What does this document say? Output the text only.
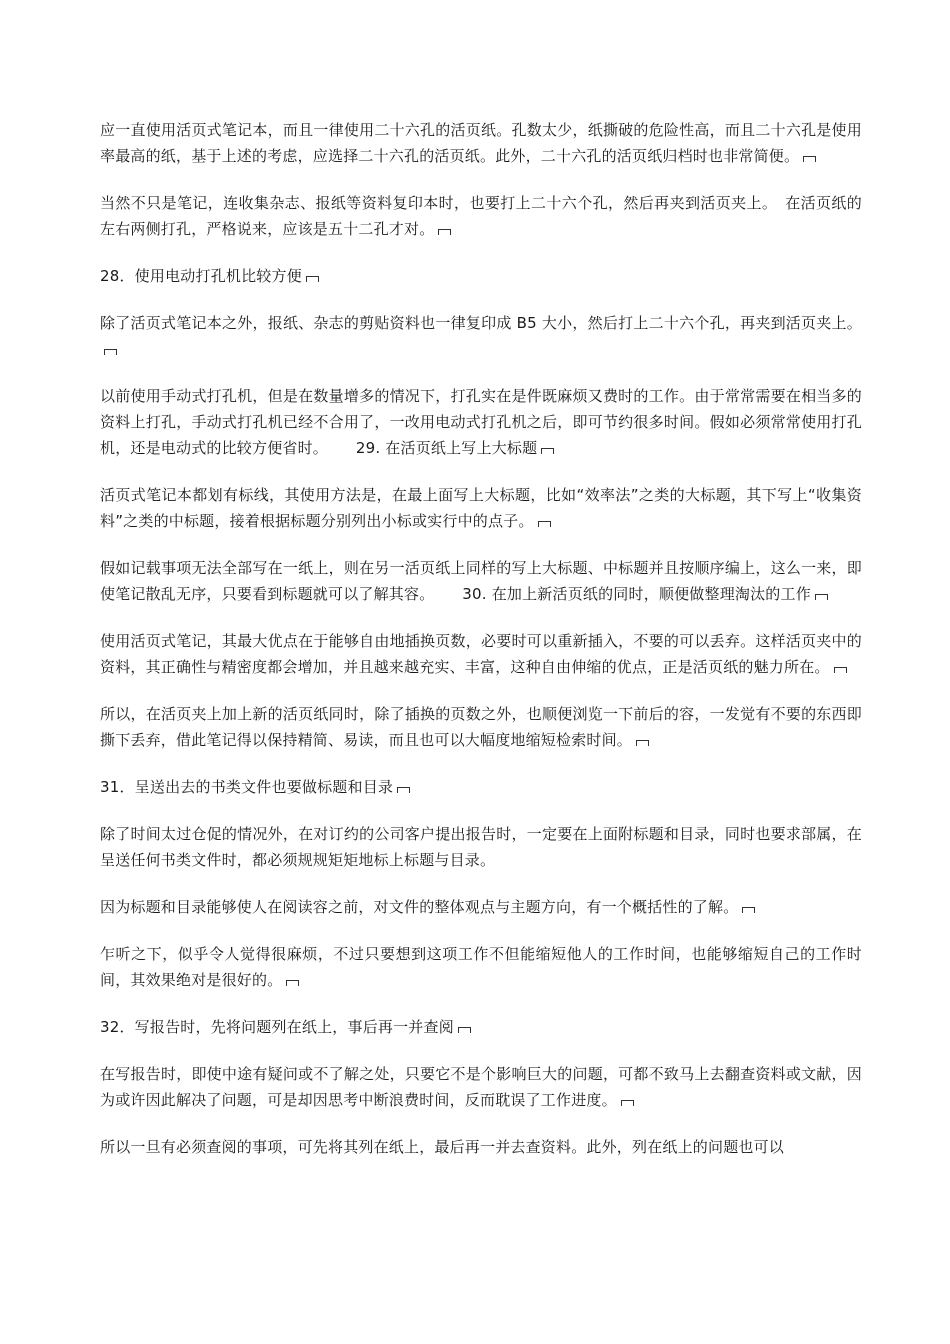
应一直使用活页式笔记本，而且一律使用二十六孔的活页纸。孔数太少，纸撕破的危险性高，而且二十六孔是使用率最高的纸，基于上述的考虑，应选择二十六孔的活页纸。此外，二十六孔的活页纸归档时也非常简便。

当然不只是笔记，连收集杂志、报纸等资料复印本时，也要打上二十六个孔，然后再夹到活页夹上。　在活页纸的左右两侧打孔，严格说来，应该是五十二孔才对。

28．使用电动打孔机比较方便

除了活页式笔记本之外，报纸、杂志的剪贴资料也一律复印成 B5 大小，然后打上二十六个孔，再夹到活页夹上。

以前使用手动式打孔机，但是在数量增多的情况下，打孔实在是件既麻烦又费时的工作。由于常常需要在相当多的资料上打孔，手动式打孔机已经不合用了，一改用电动式打孔机之后，即可节约很多时间。假如必须常常使用打孔机，还是电动式的比较方便省时。　　 29. 在活页纸上写上大标题

活页式笔记本都划有标线，其使用方法是，在最上面写上大标题，比如“效率法”之类的大标题，其下写上“收集资料”之类的中标题，接着根据标题分别列出小标或实行中的点子。

假如记载事项无法全部写在一纸上，则在另一活页纸上同样的写上大标题、中标题并且按顺序编上，这么一来，即使笔记散乱无序，只要看到标题就可以了解其容。　　 30. 在加上新活页纸的同时，顺便做整理淘汰的工作

使用活页式笔记，其最大优点在于能够自由地插换页数，必要时可以重新插入，不要的可以丢弃。这样活页夹中的资料，其正确性与精密度都会增加，并且越来越充实、丰富，这种自由伸缩的优点，正是活页纸的魅力所在。

所以，在活页夹上加上新的活页纸同时，除了插换的页数之外，也顺便浏览一下前后的容，一发觉有不要的东西即撕下丢弃，借此笔记得以保持精简、易读，而且也可以大幅度地缩短检索时间。

31．呈送出去的书类文件也要做标题和目录

除了时间太过仓促的情况外，在对订约的公司客户提出报告时，一定要在上面附标题和目录，同时也要求部属，在呈送任何书类文件时，都必须规规矩矩地标上标题与目录。

因为标题和目录能够使人在阅读容之前，对文件的整体观点与主题方向，有一个概括性的了解。

乍听之下，似乎令人觉得很麻烦，不过只要想到这项工作不但能缩短他人的工作时间，也能够缩短自己的工作时间，其效果绝对是很好的。

32．写报告时，先将问题列在纸上，事后再一并查阅

在写报告时，即使中途有疑问或不了解之处，只要它不是个影响巨大的问题，可都不致马上去翻查资料或文献，因为或许因此解决了问题，可是却因思考中断浪费时间，反而耽误了工作进度。

所以一旦有必须查阅的事项，可先将其列在纸上，最后再一并去查资料。此外，列在纸上的问题也可以
